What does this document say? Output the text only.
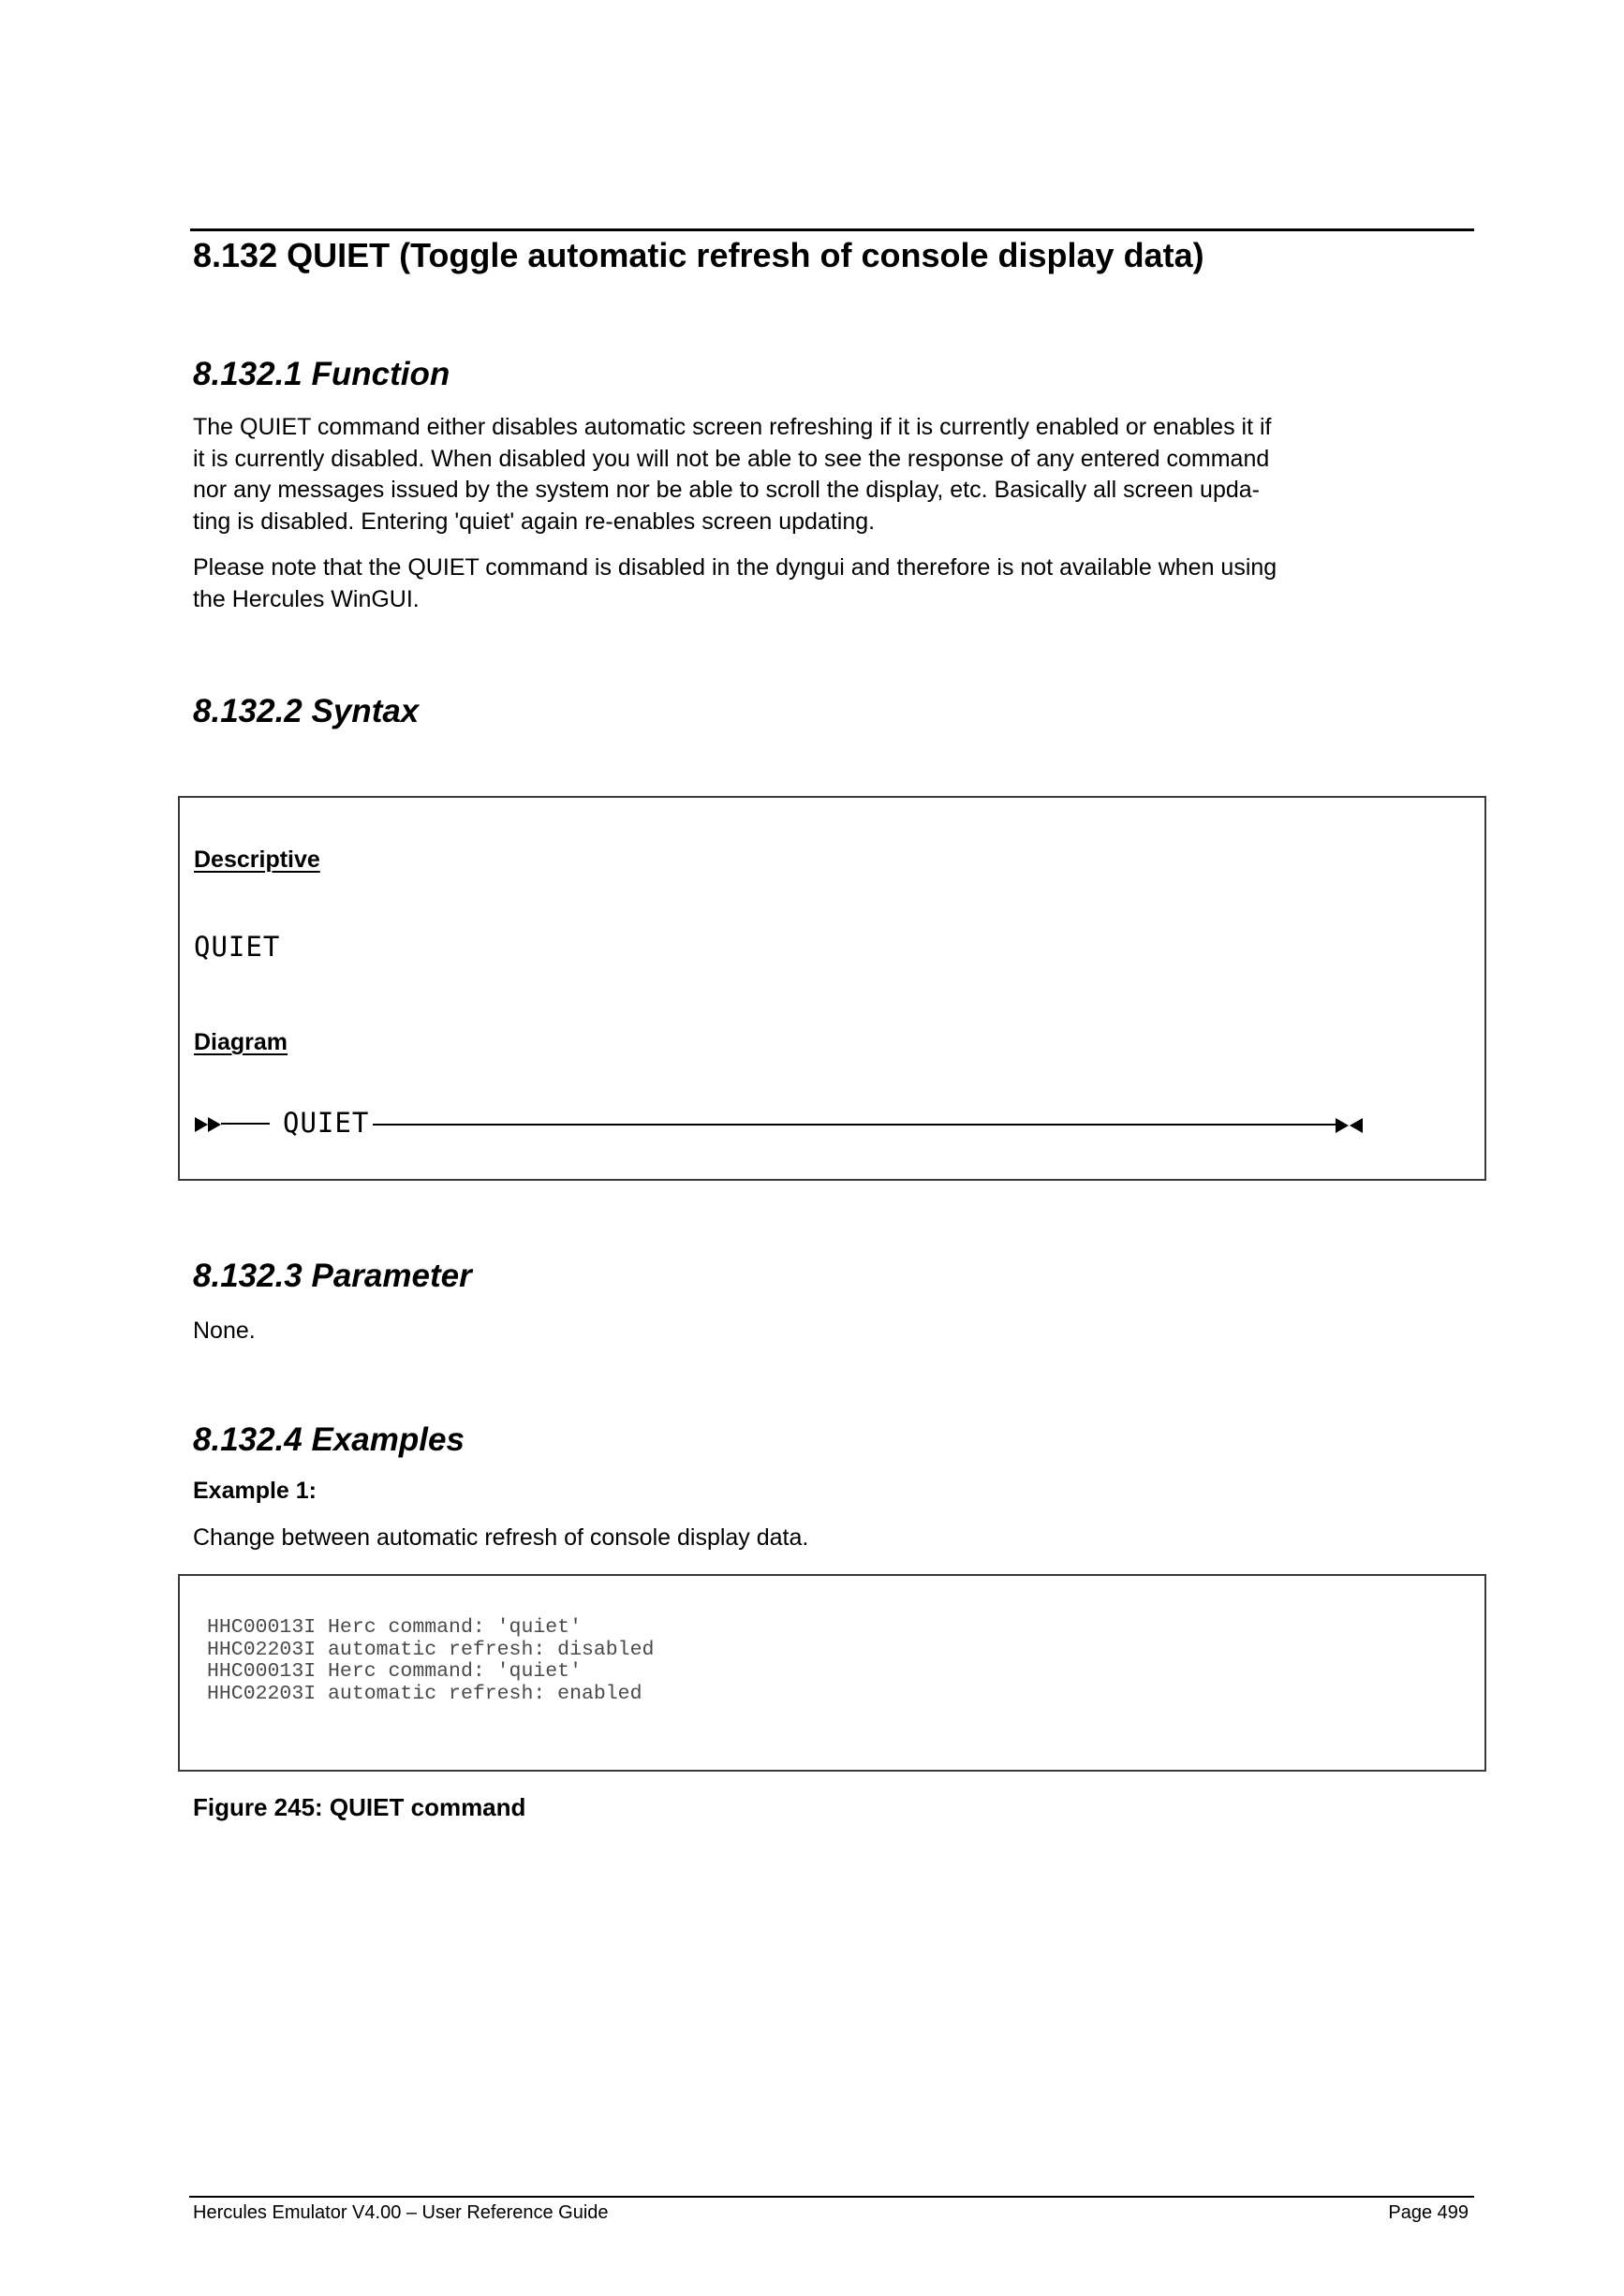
8.132 QUIET (Toggle automatic refresh of console display data)
8.132.1 Function
The QUIET command either disables automatic screen refreshing if it is currently enabled or enables it if
it is currently disabled. When disabled you will not be able to see the response of any entered command
nor any messages issued by the system nor be able to scroll the display, etc. Basically all screen upda-
ting is disabled. Entering 'quiet' again re-enables screen updating.
Please note that the QUIET command is disabled in the dyngui and therefore is not available when using
the Hercules WinGUI.
8.132.2 Syntax
Descriptive
QUIET
Diagram
QUIET
8.132.3 Parameter
None.
8.132.4 Examples
Example 1:
Change between automatic refresh of console display data.
HHC00013I Herc command: 'quiet'
HHC02203I automatic refresh: disabled
HHC00013I Herc command: 'quiet'
HHC02203I automatic refresh: enabled
Figure 245: QUIET command
Hercules Emulator V4.00 – User Reference Guide	Page 499
